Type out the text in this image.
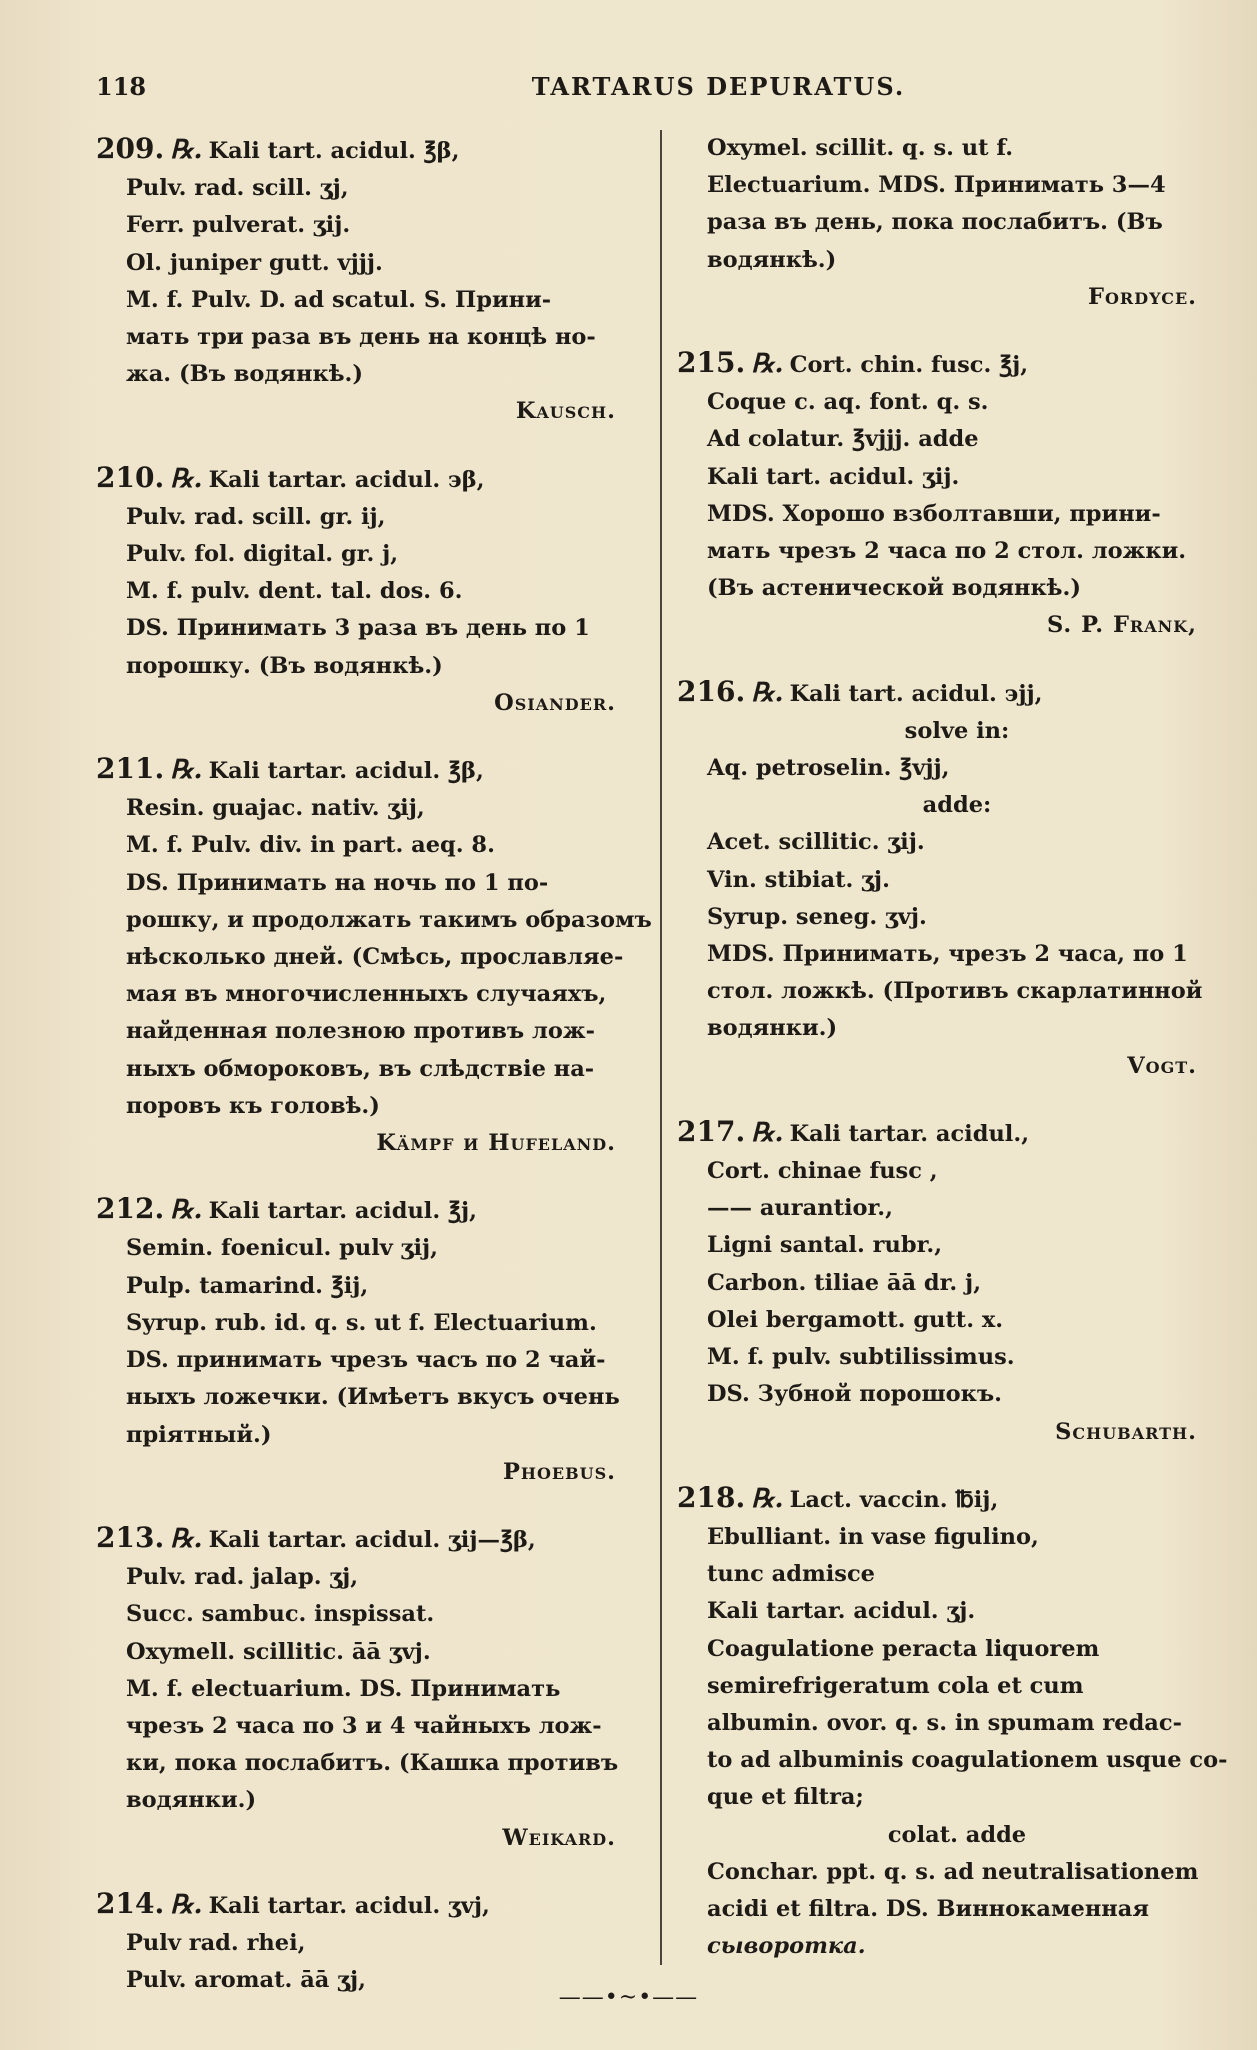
118	TARTARUS DEPURATUS.
209. ℞. Kali tart. acidul. ℥β,
Pulv. rad. scill. ʒj,
Ferr. pulverat. ʒij.
Ol. juniper gutt. vjjj.
M. f. Pulv. D. ad scatul. S. Прини-
мать три раза въ день на концѣ но-
жа. (Въ водянкѣ.)
Kausch.
210. ℞. Kali tartar. acidul. ϶β,
Pulv. rad. scill. gr. ij,
Pulv. fol. digital. gr. j,
M. f. pulv. dent. tal. dos. 6.
DS. Принимать 3 раза въ день по 1
порошку. (Въ водянкѣ.)
Osiander.
211. ℞. Kali tartar. acidul. ℥β,
Resin. guajac. nativ. ʒij,
M. f. Pulv. div. in part. aeq. 8.
DS. Принимать на ночь по 1 по-
рошку, и продолжать такимъ образомъ
нѣсколько дней. (Смѣсь, прославляе-
мая въ многочисленныхъ случаяхъ,
найденная полезною противъ лож-
ныхъ обмороковъ, въ слѣдствіе на-
поровъ къ головѣ.)
Kämpf и Hufeland.
212. ℞. Kali tartar. acidul. ℥j,
Semin. foenicul. pulv ʒij,
Pulp. tamarind. ℥ij,
Syrup. rub. id. q. s. ut f. Electuarium.
DS. принимать чрезъ часъ по 2 чай-
ныхъ ложечки. (Имѣетъ вкусъ очень
пріятный.)
Phoebus.
213. ℞. Kali tartar. acidul. ʒij—℥β,
Pulv. rad. jalap. ʒj,
Succ. sambuc. inspissat.
Oxymell. scillitic. āā ʒvj.
M. f. electuarium. DS. Принимать
чрезъ 2 часа по 3 и 4 чайныхъ лож-
ки, пока послабитъ. (Кашка противъ
водянки.)
Weikard.
214. ℞. Kali tartar. acidul. ʒvj,
Pulv rad. rhei,
Pulv. aromat. āā ʒj,
Oxymel. scillit. q. s. ut f.
Electuarium. MDS. Принимать 3—4
раза въ день, пока послабитъ. (Въ
водянкѣ.)
Fordyce.
215. ℞. Cort. chin. fusc. ℥j,
Coque c. aq. font. q. s.
Ad colatur. ℥vjjj. adde
Kali tart. acidul. ʒij.
MDS. Хорошо взболтавши, прини-
мать чрезъ 2 часа по 2 стол. ложки.
(Въ астенической водянкѣ.)
S. P. Frank,
216. ℞. Kali tart. acidul. ϶jj,
solve in:
Aq. petroselin. ℥vjj,
adde:
Acet. scillitic. ʒij.
Vin. stibiat. ʒj.
Syrup. seneg. ʒvj.
MDS. Принимать, чрезъ 2 часа, по 1
стол. ложкѣ. (Противъ скарлатинной
водянки.)
Vogt.
217. ℞. Kali tartar. acidul.,
Cort. chinae fusc ,
—— aurantior.,
Ligni santal. rubr.,
Carbon. tiliae āā dr. j,
Olei bergamott. gutt. x.
M. f. pulv. subtilissimus.
DS. Зубной порошокъ.
Schubarth.
218. ℞. Lact. vaccin. ℔ij,
Ebulliant. in vase figulino,
tunc admisce
Kali tartar. acidul. ʒj.
Coagulatione peracta liquorem
semirefrigeratum cola et cum
albumin. ovor. q. s. in spumam redac-
to ad albuminis coagulationem usque co-
que et filtra;
colat. adde
Conchar. ppt. q. s. ad neutralisationem
acidi et filtra. DS. Виннокаменная
сыворотка.
——•~•——
